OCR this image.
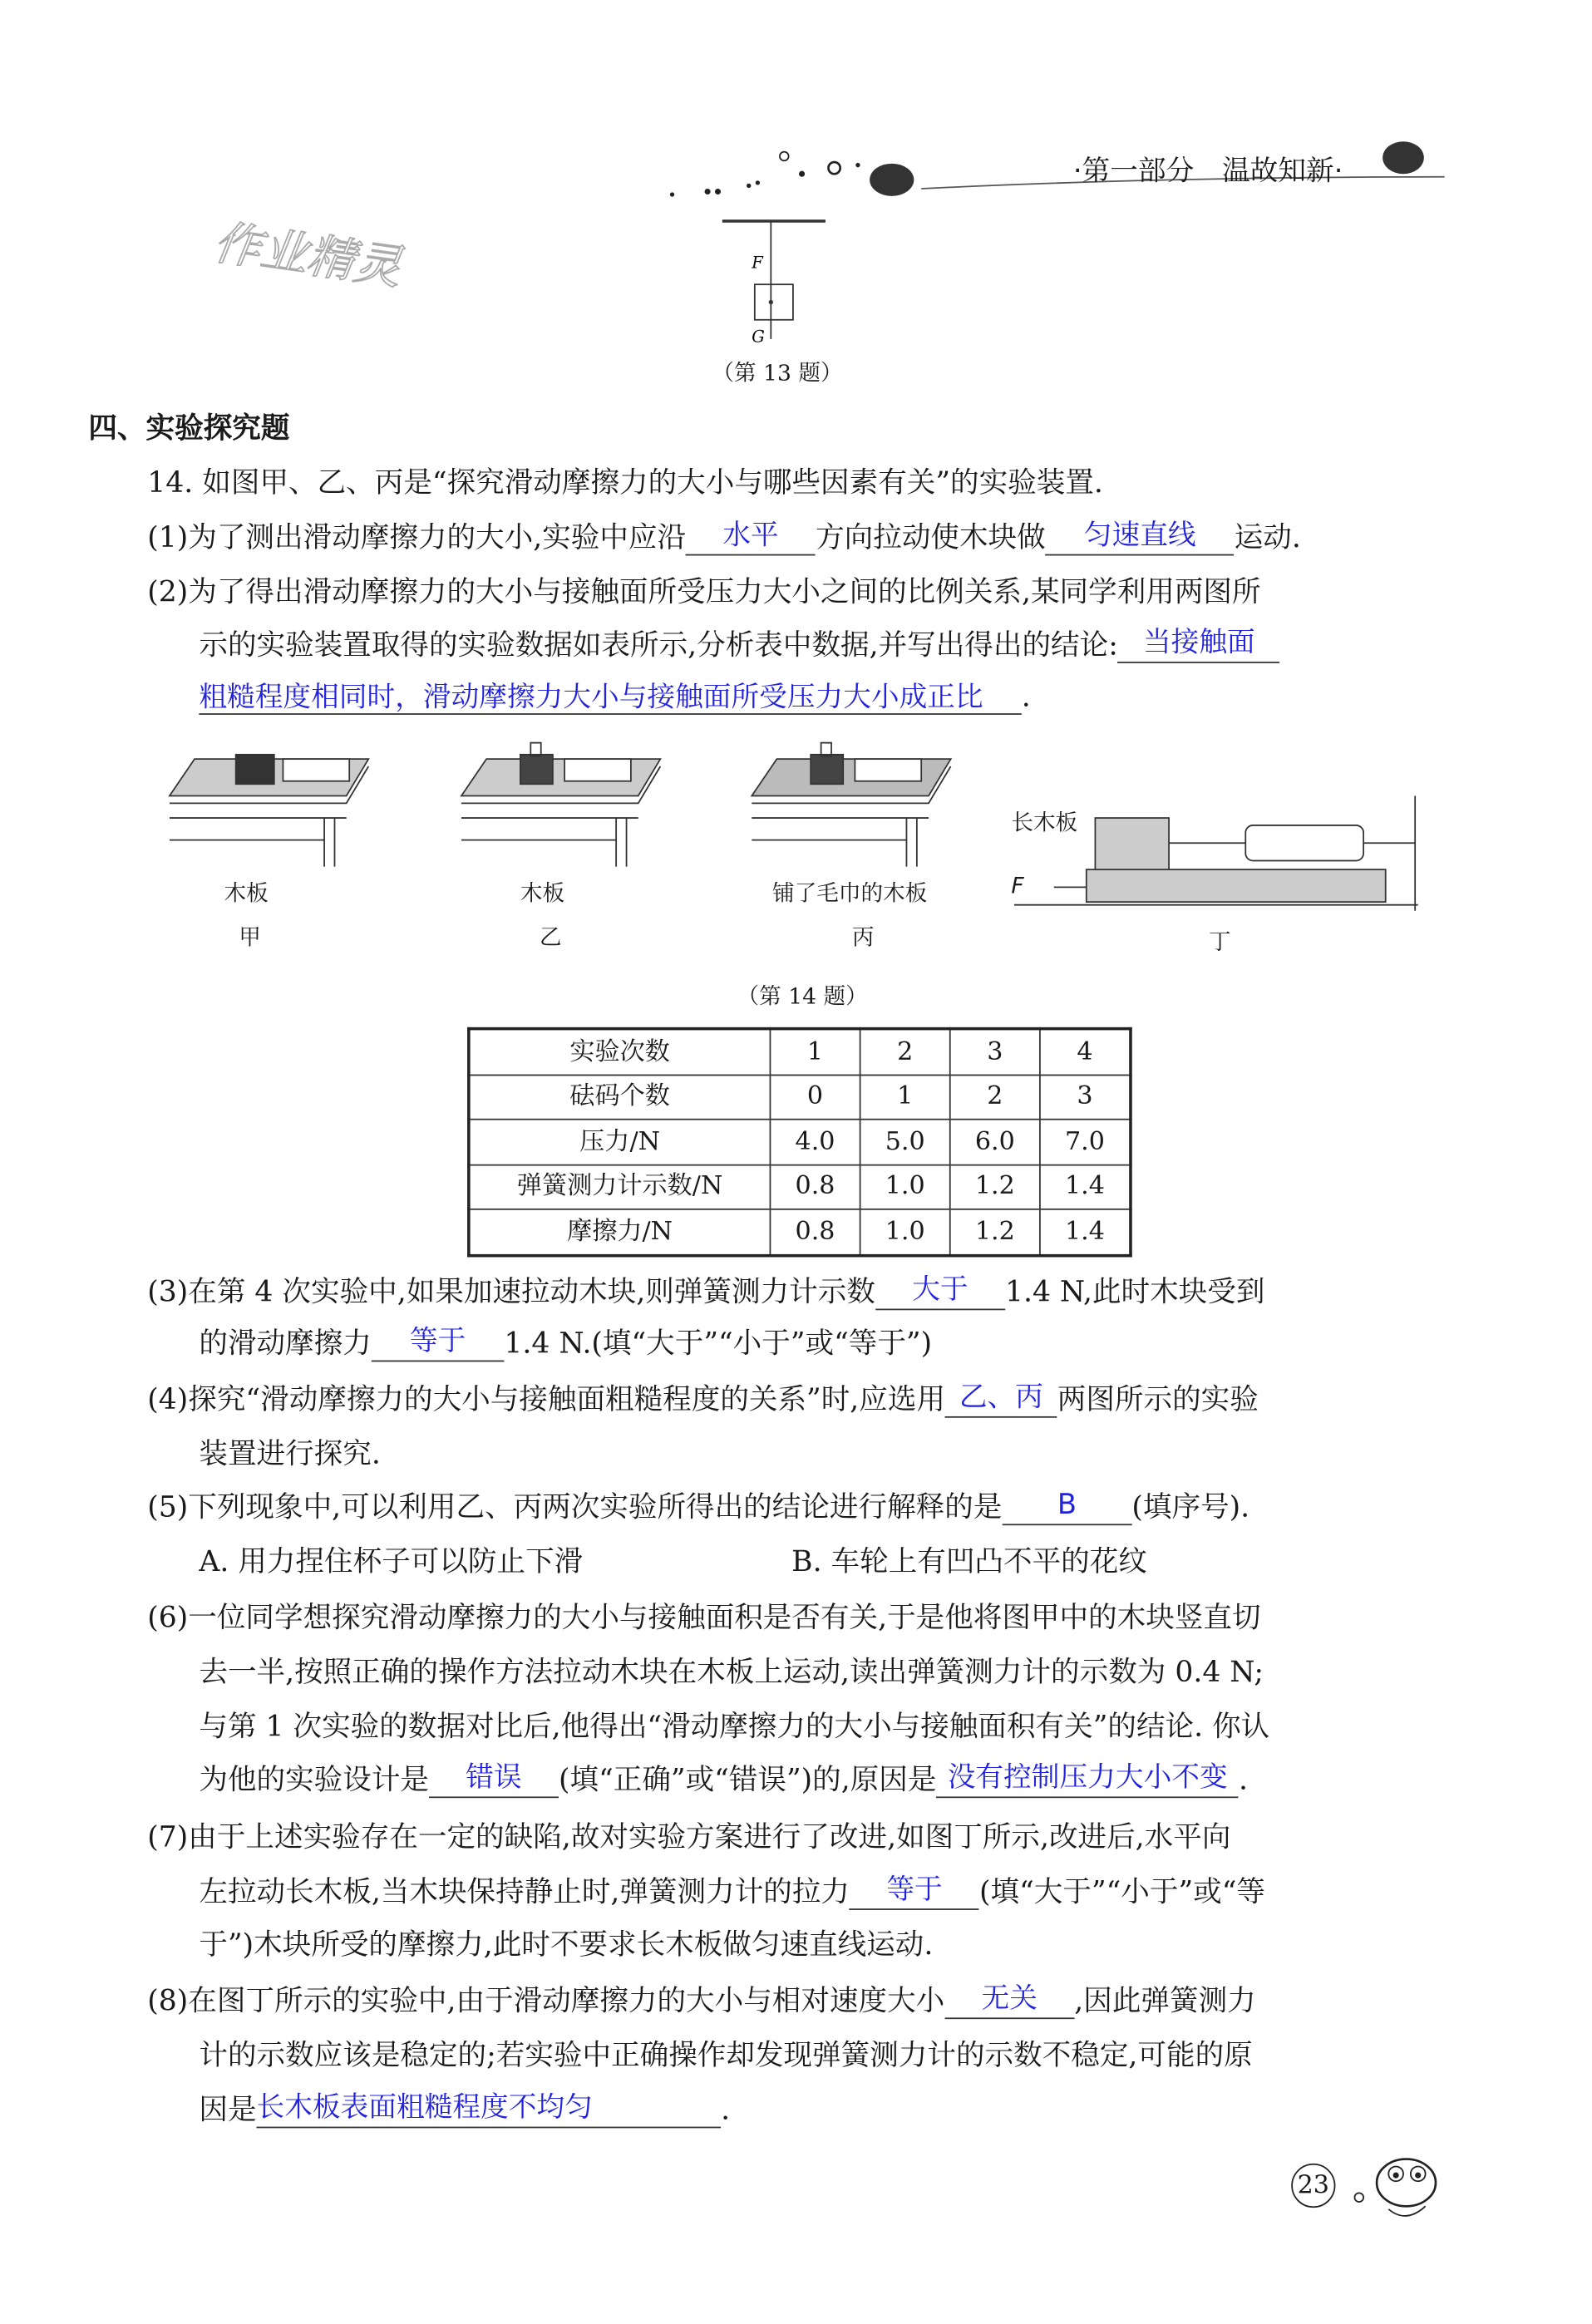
·第一部分　温故知新·
作业精灵	F
G
（第 13 题）
四、实验探究题
14. 如图甲、乙、丙是“探究滑动摩擦力的大小与哪些因素有关”的实验装置.
(1)为了测出滑动摩擦力的大小,实验中应沿 水平 方向拉动使木块做 匀速直线 运动.
(2)为了得出滑动摩擦力的大小与接触面所受压力大小之间的比例关系,某同学利用两图所
示的实验装置取得的实验数据如表所示,分析表中数据,并写出得出的结论: 当接触面
粗糙程度相同时，滑动摩擦力大小与接触面所受压力大小成正比 .
木板
甲
木板
乙
铺了毛巾的木板
丙
长木板
F
丁
（第 14 题）
实验次数	1	2	3	4
砝码个数	0	1	2	3
压力/N	4.0	5.0	6.0	7.0
弹簧测力计示数/N	0.8	1.0	1.2	1.4
摩擦力/N	0.8	1.0	1.2	1.4
(3)在第 4 次实验中,如果加速拉动木块,则弹簧测力计示数 大于 1.4 N,此时木块受到
的滑动摩擦力 等于 1.4 N.(填“大于”“小于”或“等于”)
(4)探究“滑动摩擦力的大小与接触面粗糙程度的关系”时,应选用 乙、丙 两图所示的实验
装置进行探究.
(5)下列现象中,可以利用乙、丙两次实验所得出的结论进行解释的是	B	(填序号).
A. 用力捏住杯子可以防止下滑	B. 车轮上有凹凸不平的花纹
(6)一位同学想探究滑动摩擦力的大小与接触面积是否有关,于是他将图甲中的木块竖直切
去一半,按照正确的操作方法拉动木块在木板上运动,读出弹簧测力计的示数为 0.4 N;
与第 1 次实验的数据对比后,他得出“滑动摩擦力的大小与接触面积有关”的结论. 你认
为他的实验设计是 错误 (填“正确”或“错误”)的,原因是 没有控制压力大小不变 .
(7)由于上述实验存在一定的缺陷,故对实验方案进行了改进,如图丁所示,改进后,水平向
左拉动长木板,当木块保持静止时,弹簧测力计的拉力 等于 (填“大于”“小于”或“等
于”)木块所受的摩擦力,此时不要求长木板做匀速直线运动.
(8)在图丁所示的实验中,由于滑动摩擦力的大小与相对速度大小 无关 ,因此弹簧测力
计的示数应该是稳定的;若实验中正确操作却发现弹簧测力计的示数不稳定,可能的原
因是长木板表面粗糙程度不均匀	.
23
